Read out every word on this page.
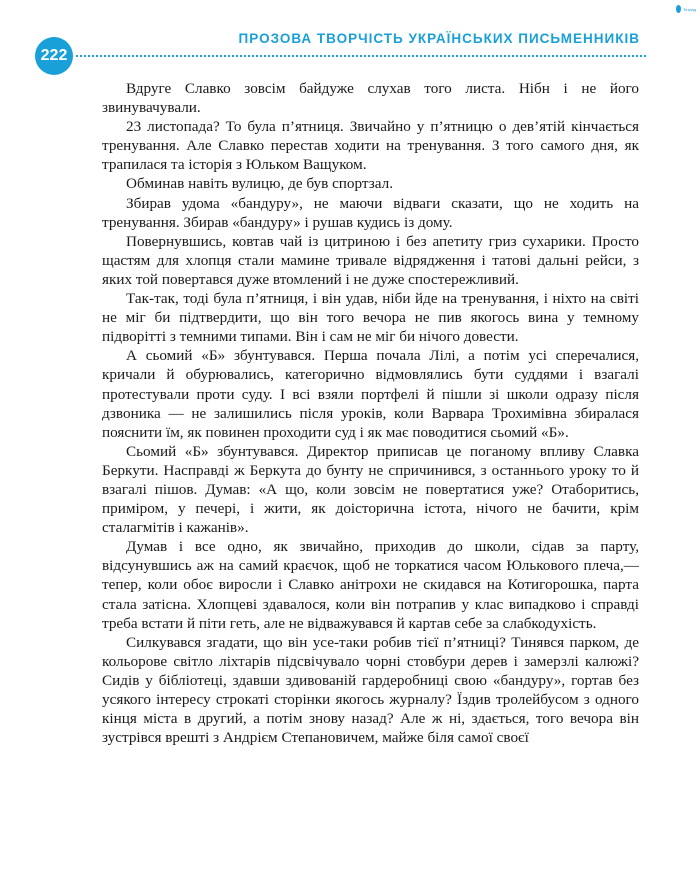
Тетрад
222
ПРОЗОВА ТВОРЧІСТЬ УКРАЇНСЬКИХ ПИСЬМЕННИКІВ

Вдруге Славко зовсім байдуже слухав того листа. Нібн і не його звинувачували.

23 листопада? То була п’ятниця. Звичайно у п’ятницю о дев’ятій кінчається тренування. Але Славко перестав ходити на тренування. З того самого дня, як трапилася та історія з Юльком Ващуком.

Обминав навіть вулицю, де був спортзал.

Збирав удома «бандуру», не маючи відваги сказати, що не ходить на тренування. Збирав «бандуру» і рушав кудись із дому.

Повернувшись, ковтав чай із цитриною і без апетиту гриз сухарики. Просто щастям для хлопця стали мамине тривале відрядження і татові дальні рейси, з яких той повертався дуже втомлений і не дуже спостережливий.

Так-так, тоді була п’ятниця, і він удав, ніби йде на тренування, і ніхто на світі не міг би підтвердити, що він того вечора не пив якогось вина у темному підворітті з темними типами. Він і сам не міг би нічого довести.

А сьомий «Б» збунтувався. Перша почала Лілі, а потім усі сперечалися, кричали й обурювались, категорично відмовлялись бути суддями і взагалі протестували проти суду. І всі взяли портфелі й пішли зі школи одразу після дзвоника — не залишились після уроків, коли Варвара Трохимівна збиралася пояснити їм, як повинен проходити суд і як має поводитися сьомий «Б».

Сьомий «Б» збунтувався. Директор приписав це поганому впливу Славка Беркути. Насправді ж Беркута до бунту не спричинився, з останнього уроку то й взагалі пішов. Думав: «А що, коли зовсім не повертатися уже? Отаборитись, приміром, у печері, і жити, як доісторична істота, нічого не бачити, крім сталагмітів і кажанів».

Думав і все одно, як звичайно, приходив до школи, сідав за парту, відсунувшись аж на самий краєчок, щоб не торкатися часом Юлькового плеча,— тепер, коли обоє виросли і Славко анітрохи не скидався на Котигорошка, парта стала затісна. Хлопцеві здавалося, коли він потрапив у клас випадково і справді треба встати й піти геть, але не відважувався й картав себе за слабкодухість.

Силкувався згадати, що він усе-таки робив тієї п’ятниці? Тинявся парком, де кольорове світло ліхтарів підсвічувало чорні стовбури дерев і замерзлі калюжі? Сидів у бібліотеці, здавши здивованій гардеробниці свою «бандуру», гортав без усякого інтересу строкаті сторінки якогось журналу? Їздив тролейбусом з одного кінця міста в другий, а потім знову назад? Але ж ні, здається, того вечора він зустрівся врешті з Андрієм Степановичем, майже біля самої своєї
